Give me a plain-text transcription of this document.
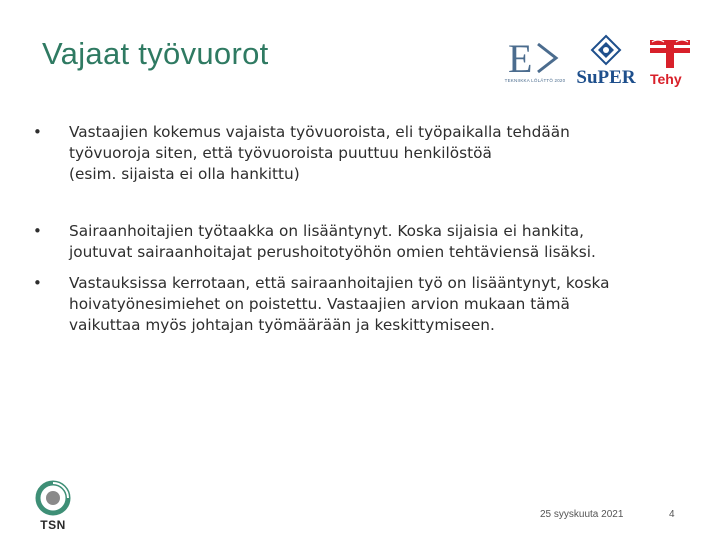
Vajaat työvuorot	E
TEKNIIKKA LÖLÄTTÖ 2020 SuPER Tehy
• Vastaajien kokemus vajaista työvuoroista, eli työpaikalla tehdään
työvuoroja siten, että työvuoroista puuttuu henkilöstöä
(esim. sijaista ei olla hankittu)
• Sairaanhoitajien työtaakka on lisääntynyt. Koska sijaisia ei hankita,
joutuvat sairaanhoitajat perushoitotyöhön omien tehtäviensä lisäksi.
• Vastauksissa kerrotaan, että sairaanhoitajien työ on lisääntynyt, koska
hoivatyönesimiehet on poistettu. Vastaajien arvion mukaan tämä
vaikuttaa myös johtajan työmäärään ja keskittymiseen.
TSN
25 syyskuuta 2021	4
